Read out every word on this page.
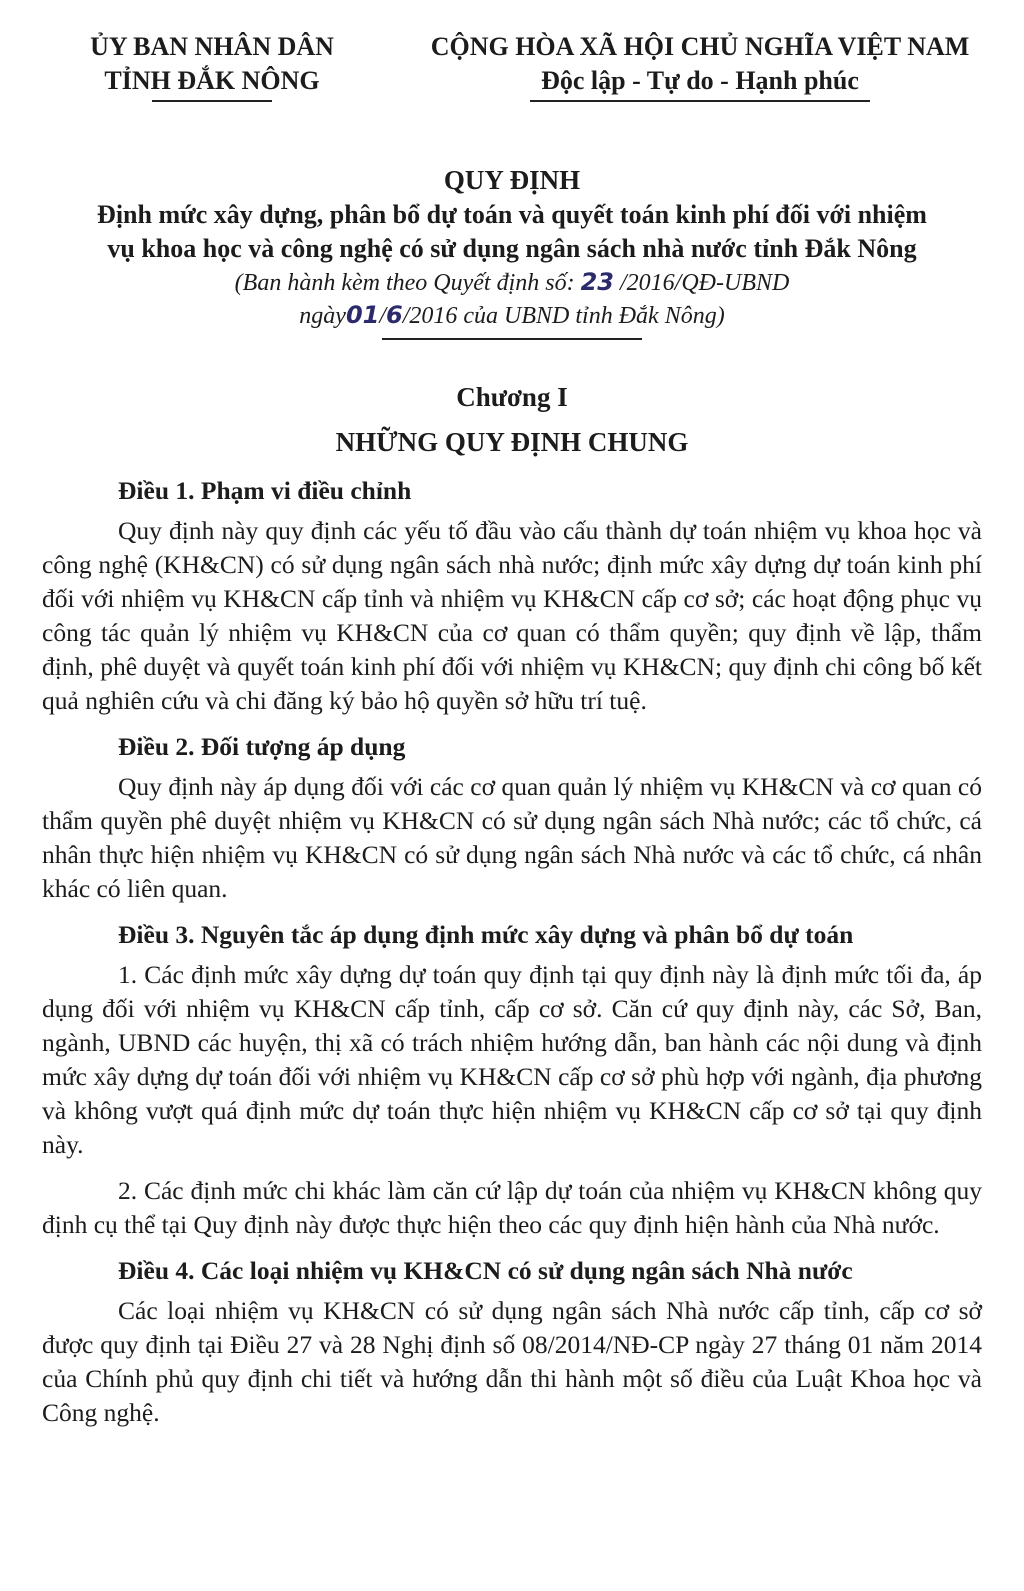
ỦY BAN NHÂN DÂN
TỈNH ĐẮK NÔNG
CỘNG HÒA XÃ HỘI CHỦ NGHĨA VIỆT NAM
Độc lập - Tự do - Hạnh phúc
QUY ĐỊNH
Định mức xây dựng, phân bổ dự toán và quyết toán kinh phí đối với nhiệm
vụ khoa học và công nghệ có sử dụng ngân sách nhà nước tỉnh Đắk Nông
(Ban hành kèm theo Quyết định số: 23 /2016/QĐ-UBND
ngày01/6/2016 của UBND tỉnh Đắk Nông)
Chương I
NHỮNG QUY ĐỊNH CHUNG
Điều 1. Phạm vi điều chỉnh

Quy định này quy định các yếu tố đầu vào cấu thành dự toán nhiệm vụ khoa học và công nghệ (KH&CN) có sử dụng ngân sách nhà nước; định mức xây dựng dự toán kinh phí đối với nhiệm vụ KH&CN cấp tỉnh và nhiệm vụ KH&CN cấp cơ sở; các hoạt động phục vụ công tác quản lý nhiệm vụ KH&CN của cơ quan có thẩm quyền; quy định về lập, thẩm định, phê duyệt và quyết toán kinh phí đối với nhiệm vụ KH&CN; quy định chi công bố kết quả nghiên cứu và chi đăng ký bảo hộ quyền sở hữu trí tuệ.

Điều 2. Đối tượng áp dụng

Quy định này áp dụng đối với các cơ quan quản lý nhiệm vụ KH&CN và cơ quan có thẩm quyền phê duyệt nhiệm vụ KH&CN có sử dụng ngân sách Nhà nước; các tổ chức, cá nhân thực hiện nhiệm vụ KH&CN có sử dụng ngân sách Nhà nước và các tổ chức, cá nhân khác có liên quan.

Điều 3. Nguyên tắc áp dụng định mức xây dựng và phân bổ dự toán

1. Các định mức xây dựng dự toán quy định tại quy định này là định mức tối đa, áp dụng đối với nhiệm vụ KH&CN cấp tỉnh, cấp cơ sở. Căn cứ quy định này, các Sở, Ban, ngành, UBND các huyện, thị xã có trách nhiệm hướng dẫn, ban hành các nội dung và định mức xây dựng dự toán đối với nhiệm vụ KH&CN cấp cơ sở phù hợp với ngành, địa phương và không vượt quá định mức dự toán thực hiện nhiệm vụ KH&CN cấp cơ sở tại quy định này.

2. Các định mức chi khác làm căn cứ lập dự toán của nhiệm vụ KH&CN không quy định cụ thể tại Quy định này được thực hiện theo các quy định hiện hành của Nhà nước.

Điều 4. Các loại nhiệm vụ KH&CN có sử dụng ngân sách Nhà nước

Các loại nhiệm vụ KH&CN có sử dụng ngân sách Nhà nước cấp tỉnh, cấp cơ sở được quy định tại Điều 27 và 28 Nghị định số 08/2014/NĐ-CP ngày 27 tháng 01 năm 2014 của Chính phủ quy định chi tiết và hướng dẫn thi hành một số điều của Luật Khoa học và Công nghệ.
